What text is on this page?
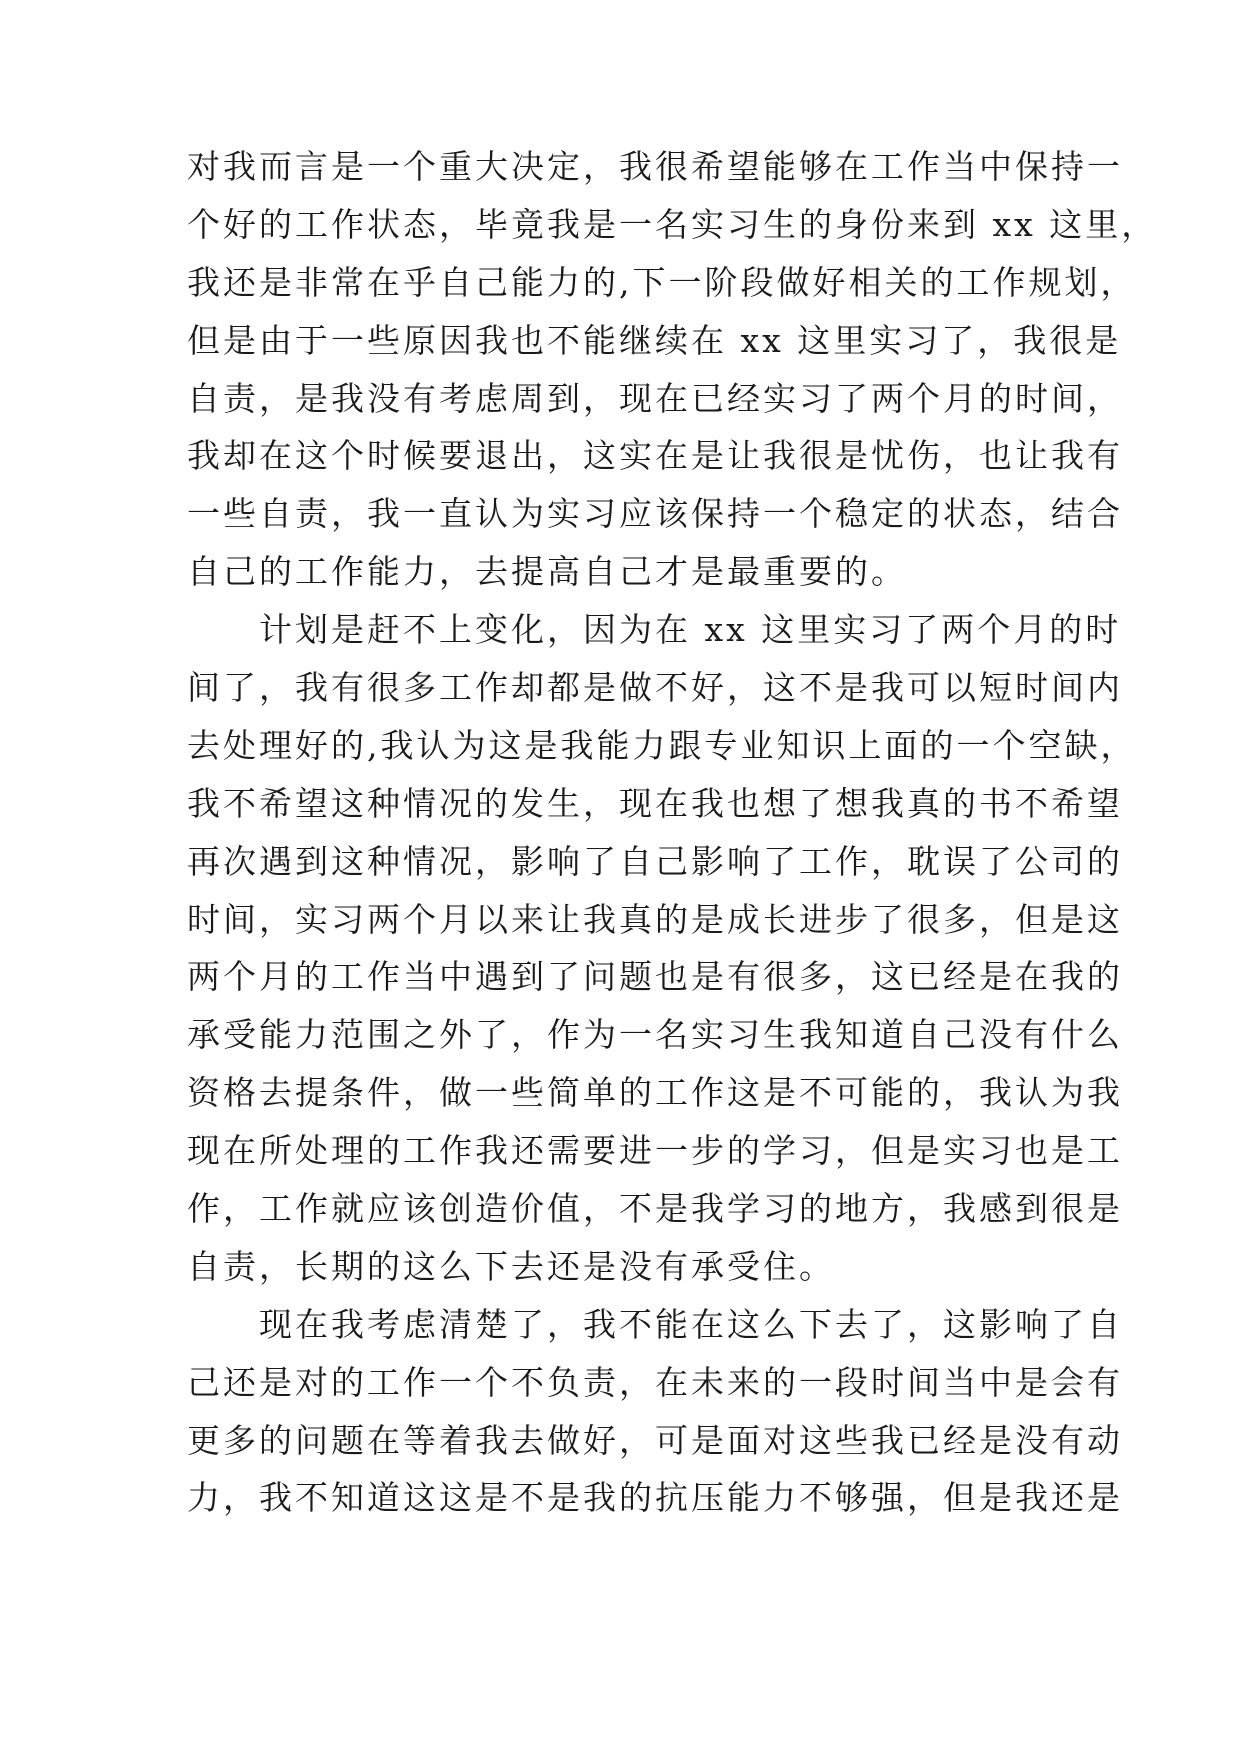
对我而言是一个重大决定，我很希望能够在工作当中保持一
个好的工作状态，毕竟我是一名实习生的身份来到 xx 这里，
我还是非常在乎自己能力的,下一阶段做好相关的工作规划，
但是由于一些原因我也不能继续在 xx 这里实习了，我很是
自责，是我没有考虑周到，现在已经实习了两个月的时间，
我却在这个时候要退出，这实在是让我很是忧伤，也让我有
一些自责，我一直认为实习应该保持一个稳定的状态，结合
自己的工作能力，去提高自己才是最重要的。
　　计划是赶不上变化，因为在 xx 这里实习了两个月的时
间了，我有很多工作却都是做不好，这不是我可以短时间内
去处理好的,我认为这是我能力跟专业知识上面的一个空缺，
我不希望这种情况的发生，现在我也想了想我真的书不希望
再次遇到这种情况，影响了自己影响了工作，耽误了公司的
时间，实习两个月以来让我真的是成长进步了很多，但是这
两个月的工作当中遇到了问题也是有很多，这已经是在我的
承受能力范围之外了，作为一名实习生我知道自己没有什么
资格去提条件，做一些简单的工作这是不可能的，我认为我
现在所处理的工作我还需要进一步的学习，但是实习也是工
作，工作就应该创造价值，不是我学习的地方，我感到很是
自责，长期的这么下去还是没有承受住。
　　现在我考虑清楚了，我不能在这么下去了，这影响了自
己还是对的工作一个不负责，在未来的一段时间当中是会有
更多的问题在等着我去做好，可是面对这些我已经是没有动
力，我不知道这这是不是我的抗压能力不够强，但是我还是
